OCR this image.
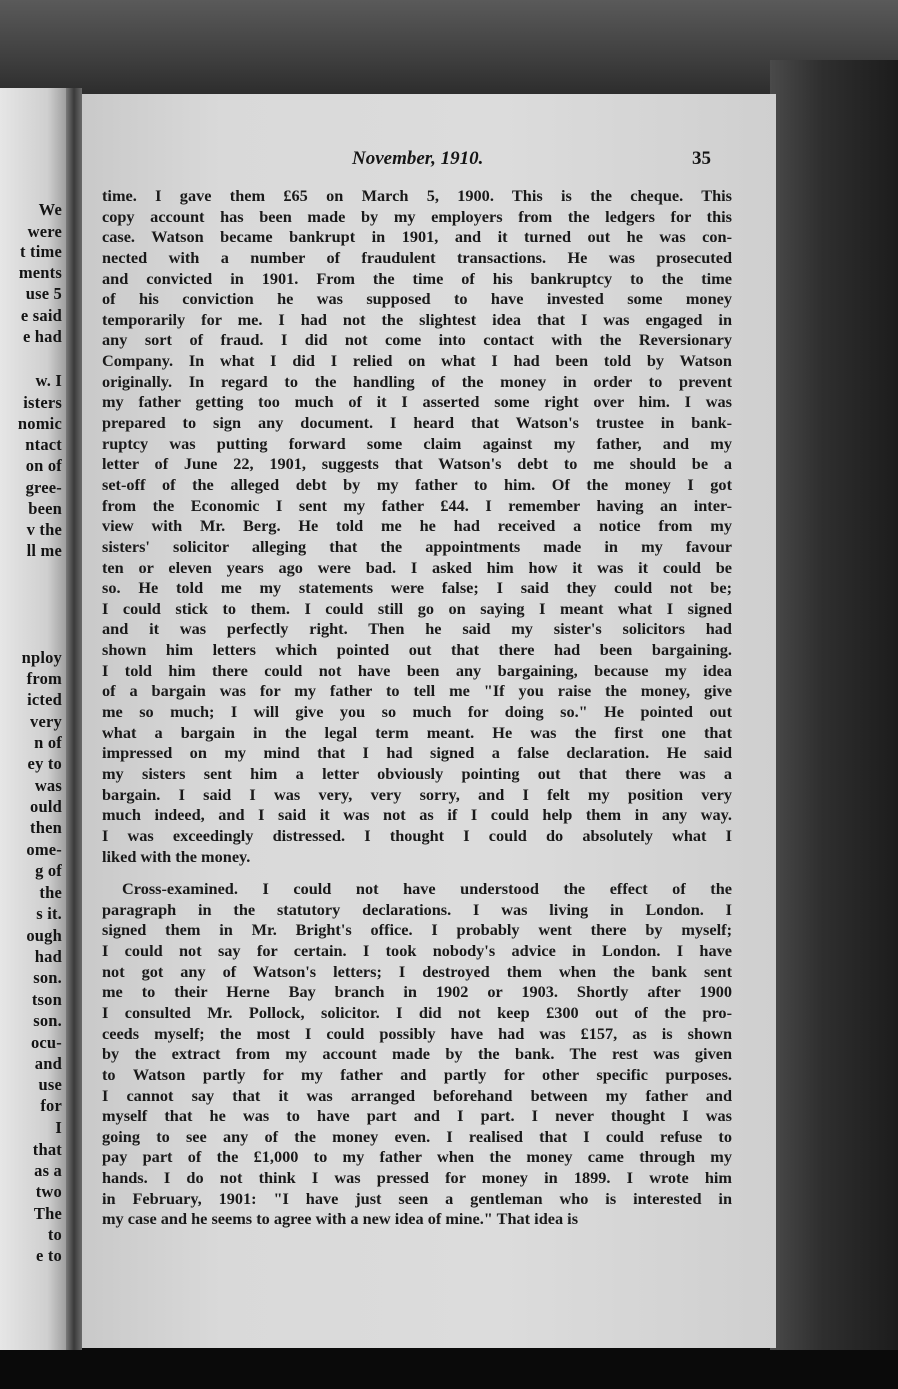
We
were
t time
ments
use 5
e said
e had
w. I
isters
nomic
ntact
on of
gree-
been
v the
ll me
nploy
from
icted
very
n of
ey to
was
ould
then
ome-
g of
the
s it.
ough
had
son.
tson
son.
ocu-
and
use
for
I
that
as a
two
The
to
e to
November, 1910.	35
time. I gave them £65 on March 5, 1900. This is the cheque. This
copy account has been made by my employers from the ledgers for this
case. Watson became bankrupt in 1901, and it turned out he was con-
nected with a number of fraudulent transactions. He was prosecuted
and convicted in 1901. From the time of his bankruptcy to the time
of his conviction he was supposed to have invested some money
temporarily for me. I had not the slightest idea that I was engaged in
any sort of fraud. I did not come into contact with the Reversionary
Company. In what I did I relied on what I had been told by Watson
originally. In regard to the handling of the money in order to prevent
my father getting too much of it I asserted some right over him. I was
prepared to sign any document. I heard that Watson's trustee in bank-
ruptcy was putting forward some claim against my father, and my
letter of June 22, 1901, suggests that Watson's debt to me should be a
set-off of the alleged debt by my father to him. Of the money I got
from the Economic I sent my father £44. I remember having an inter-
view with Mr. Berg. He told me he had received a notice from my
sisters' solicitor alleging that the appointments made in my favour
ten or eleven years ago were bad. I asked him how it was it could be
so. He told me my statements were false; I said they could not be;
I could stick to them. I could still go on saying I meant what I signed
and it was perfectly right. Then he said my sister's solicitors had
shown him letters which pointed out that there had been bargaining.
I told him there could not have been any bargaining, because my idea
of a bargain was for my father to tell me "If you raise the money, give
me so much; I will give you so much for doing so." He pointed out
what a bargain in the legal term meant. He was the first one that
impressed on my mind that I had signed a false declaration. He said
my sisters sent him a letter obviously pointing out that there was a
bargain. I said I was very, very sorry, and I felt my position very
much indeed, and I said it was not as if I could help them in any way.
I was exceedingly distressed. I thought I could do absolutely what I
liked with the money.
Cross-examined. I could not have understood the effect of the
paragraph in the statutory declarations. I was living in London. I
signed them in Mr. Bright's office. I probably went there by myself;
I could not say for certain. I took nobody's advice in London. I have
not got any of Watson's letters; I destroyed them when the bank sent
me to their Herne Bay branch in 1902 or 1903. Shortly after 1900
I consulted Mr. Pollock, solicitor. I did not keep £300 out of the pro-
ceeds myself; the most I could possibly have had was £157, as is shown
by the extract from my account made by the bank. The rest was given
to Watson partly for my father and partly for other specific purposes.
I cannot say that it was arranged beforehand between my father and
myself that he was to have part and I part. I never thought I was
going to see any of the money even. I realised that I could refuse to
pay part of the £1,000 to my father when the money came through my
hands. I do not think I was pressed for money in 1899. I wrote him
in February, 1901: "I have just seen a gentleman who is interested in
my case and he seems to agree with a new idea of mine." That idea is
